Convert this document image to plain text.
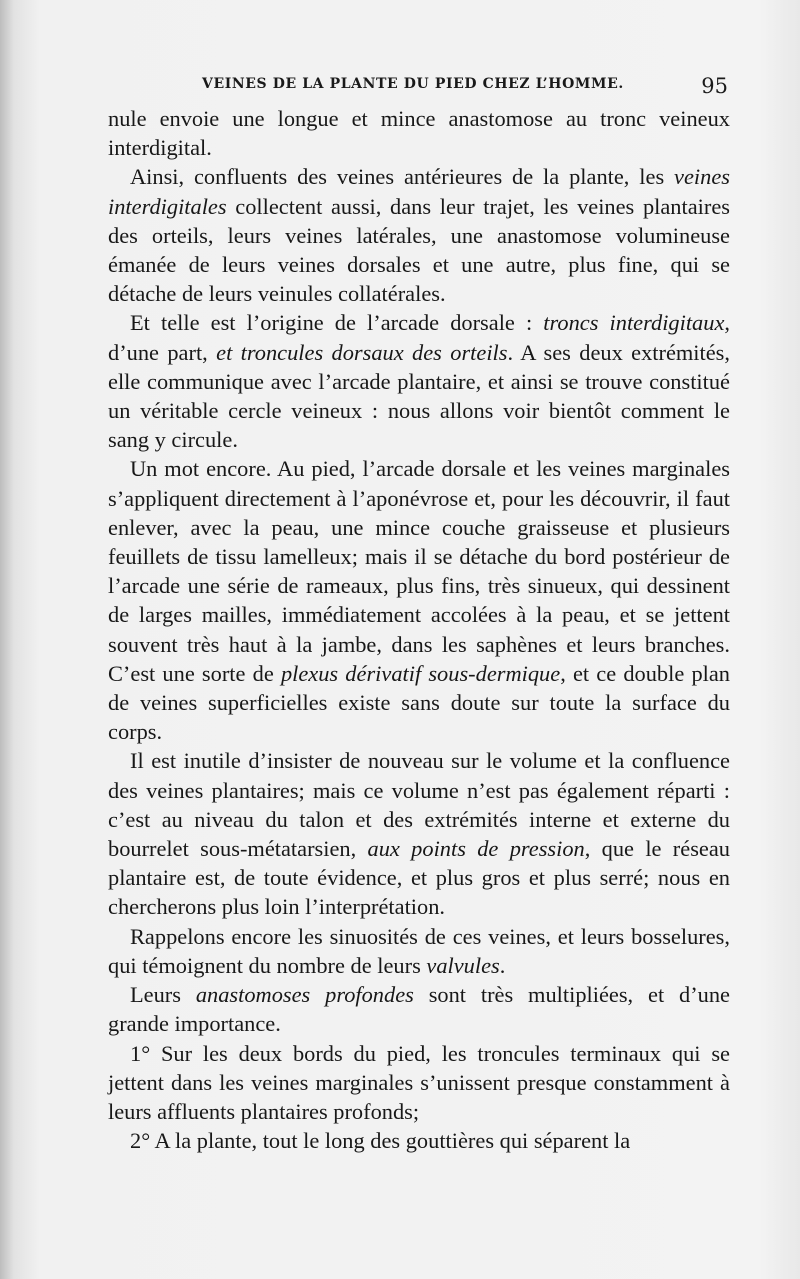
VEINES DE LA PLANTE DU PIED CHEZ L’HOMME.	95

nule envoie une longue et mince anastomose au tronc veineux interdigital.

Ainsi, confluents des veines antérieures de la plante, les veines interdigitales collectent aussi, dans leur trajet, les veines plantaires des orteils, leurs veines latérales, une anastomose volumineuse émanée de leurs veines dorsales et une autre, plus fine, qui se détache de leurs veinules collatérales.

Et telle est l’origine de l’arcade dorsale : troncs interdigitaux, d’une part, et troncules dorsaux des orteils. A ses deux extrémités, elle communique avec l’arcade plantaire, et ainsi se trouve constitué un véritable cercle veineux : nous allons voir bientôt comment le sang y circule.

Un mot encore. Au pied, l’arcade dorsale et les veines marginales s’appliquent directement à l’aponévrose et, pour les découvrir, il faut enlever, avec la peau, une mince couche graisseuse et plusieurs feuillets de tissu lamelleux; mais il se détache du bord postérieur de l’arcade une série de rameaux, plus fins, très sinueux, qui dessinent de larges mailles, immédiatement accolées à la peau, et se jettent souvent très haut à la jambe, dans les saphènes et leurs branches. C’est une sorte de plexus dérivatif sous-dermique, et ce double plan de veines superficielles existe sans doute sur toute la surface du corps.

Il est inutile d’insister de nouveau sur le volume et la confluence des veines plantaires; mais ce volume n’est pas également réparti : c’est au niveau du talon et des extrémités interne et externe du bourrelet sous-métatarsien, aux points de pression, que le réseau plantaire est, de toute évidence, et plus gros et plus serré; nous en chercherons plus loin l’interprétation.

Rappelons encore les sinuosités de ces veines, et leurs bosselures, qui témoignent du nombre de leurs valvules.

Leurs anastomoses profondes sont très multipliées, et d’une grande importance.

1° Sur les deux bords du pied, les troncules terminaux qui se jettent dans les veines marginales s’unissent presque constamment à leurs affluents plantaires profonds;

2° A la plante, tout le long des gouttières qui séparent la
